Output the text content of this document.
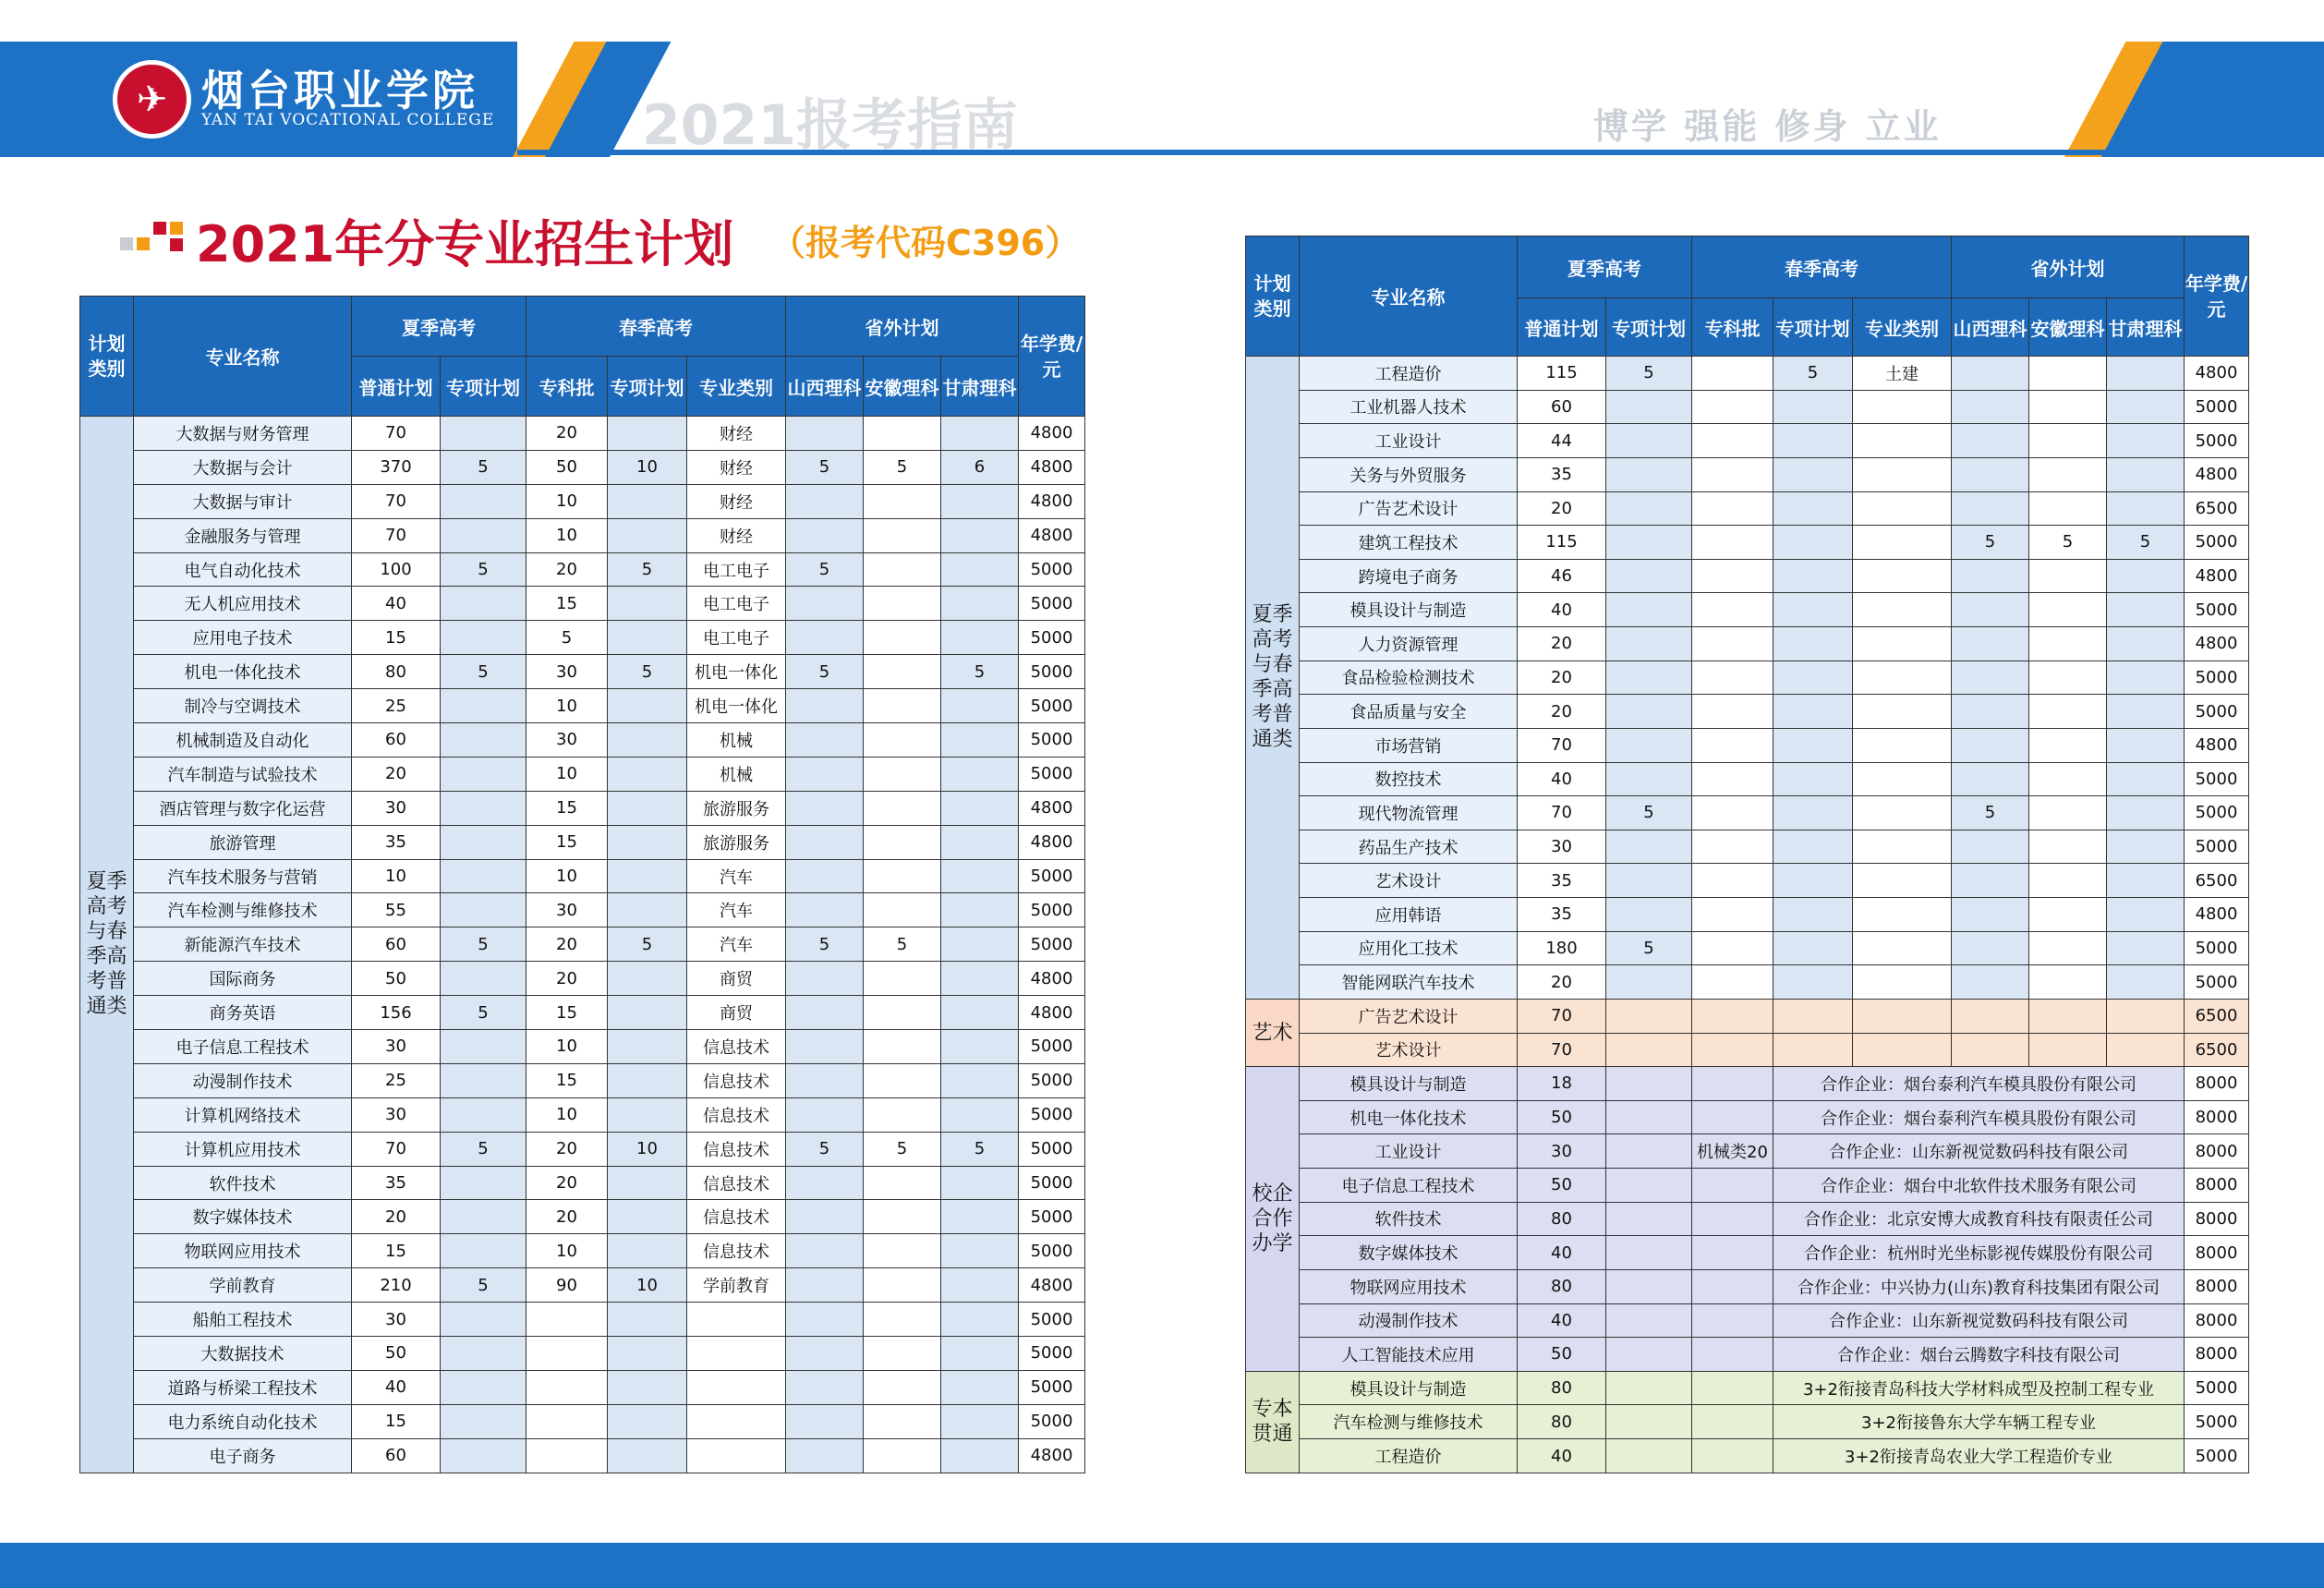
✈ 烟台职业学院
YAN TAI VOCATIONAL COLLEGE	2021报考指南	博学 强能 修身 立业
2021年分专业招生计划 （报考代码C396）
计划类别	专业名称	夏季高考		春季高考			省外计划			年学费/元
		普通计划	专项计划	专科批	专项计划	专业类别	山西理科	安徽理科	甘肃理科	
夏季高考与春季高考普通类	大数据与财务管理	70		20		财经				4800
	大数据与会计	370	5	50	10	财经	5	5	6	4800
	大数据与审计	70		10		财经				4800
	金融服务与管理	70		10		财经				4800
	电气自动化技术	100	5	20	5	电工电子	5			5000
	无人机应用技术	40		15		电工电子				5000
	应用电子技术	15		5		电工电子				5000
	机电一体化技术	80	5	30	5	机电一体化	5		5	5000
	制冷与空调技术	25		10		机电一体化				5000
	机械制造及自动化	60		30		机械				5000
	汽车制造与试验技术	20		10		机械				5000
	酒店管理与数字化运营	30		15		旅游服务				4800
	旅游管理	35		15		旅游服务				4800
	汽车技术服务与营销	10		10		汽车				5000
	汽车检测与维修技术	55		30		汽车				5000
	新能源汽车技术	60	5	20	5	汽车	5	5		5000
	国际商务	50		20		商贸				4800
	商务英语	156	5	15		商贸				4800
	电子信息工程技术	30		10		信息技术				5000
	动漫制作技术	25		15		信息技术				5000
	计算机网络技术	30		10		信息技术				5000
	计算机应用技术	70	5	20	10	信息技术	5	5	5	5000
	软件技术	35		20		信息技术				5000
	数字媒体技术	20		20		信息技术				5000
	物联网应用技术	15		10		信息技术				5000
	学前教育	210	5	90	10	学前教育				4800
	船舶工程技术	30								5000
	大数据技术	50								5000
	道路与桥梁工程技术	40								5000
	电力系统自动化技术	15								5000
	电子商务	60								4800
计划类别	专业名称	夏季高考		春季高考			省外计划			年学费/元
		普通计划	专项计划	专科批	专项计划	专业类别	山西理科	安徽理科	甘肃理科	
夏季高考与春季高考普通类	工程造价	115	5		5	土建				4800
	工业机器人技术	60								5000
	工业设计	44								5000
	关务与外贸服务	35								4800
	广告艺术设计	20								6500
	建筑工程技术	115					5	5	5	5000
	跨境电子商务	46								4800
	模具设计与制造	40								5000
	人力资源管理	20								4800
	食品检验检测技术	20								5000
	食品质量与安全	20								5000
	市场营销	70								4800
	数控技术	40								5000
	现代物流管理	70	5				5			5000
	药品生产技术	30								5000
	艺术设计	35								6500
	应用韩语	35								4800
	应用化工技术	180	5							5000
	智能网联汽车技术	20								5000
艺术	广告艺术设计	70								6500
	艺术设计	70								6500
校企合作办学	模具设计与制造	18			合作企业：烟台泰利汽车模具股份有限公司					8000
	机电一体化技术	50			合作企业：烟台泰利汽车模具股份有限公司					8000
	工业设计	30		机械类20	合作企业：山东新视觉数码科技有限公司					8000
	电子信息工程技术	50			合作企业：烟台中北软件技术服务有限公司					8000
	软件技术	80			合作企业：北京安博大成教育科技有限责任公司					8000
	数字媒体技术	40			合作企业：杭州时光坐标影视传媒股份有限公司					8000
	物联网应用技术	80			合作企业：中兴协力(山东)教育科技集团有限公司					8000
	动漫制作技术	40			合作企业：山东新视觉数码科技有限公司					8000
	人工智能技术应用	50			合作企业：烟台云腾数字科技有限公司					8000
专本贯通	模具设计与制造	80			3+2衔接青岛科技大学材料成型及控制工程专业					5000
	汽车检测与维修技术	80			3+2衔接鲁东大学车辆工程专业					5000
	工程造价	40			3+2衔接青岛农业大学工程造价专业					5000
